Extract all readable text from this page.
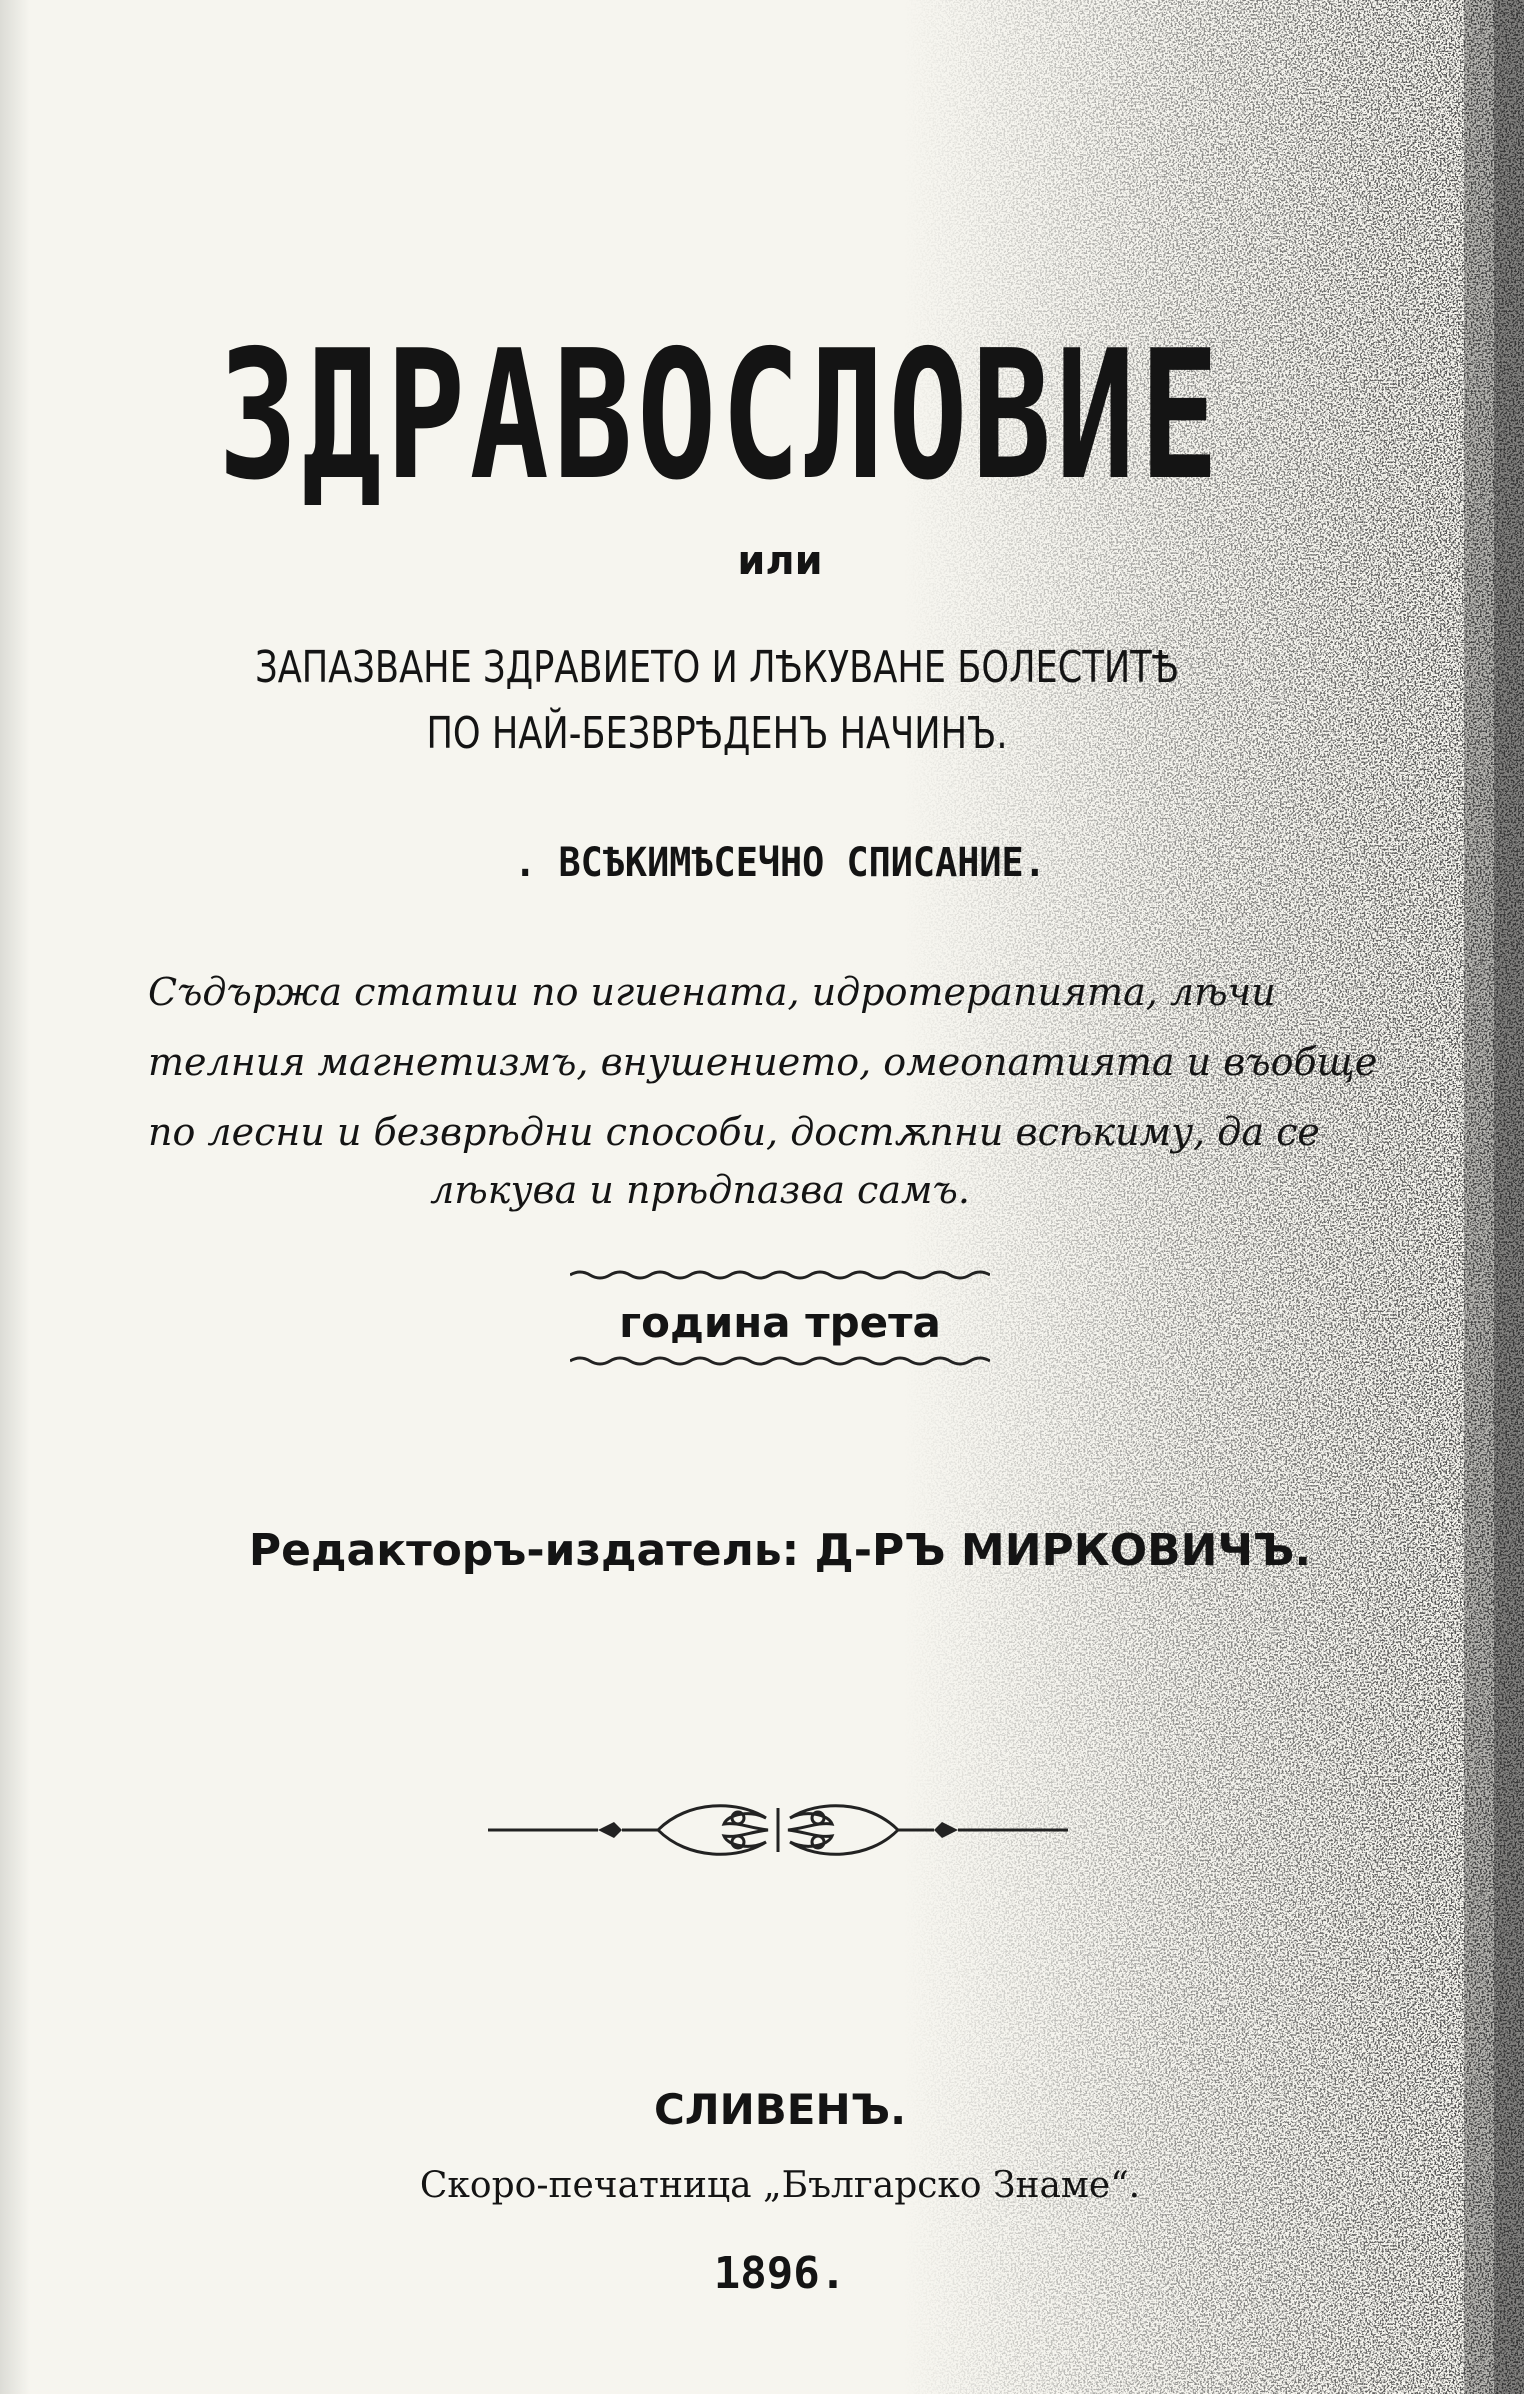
ЗДРАВОСЛОВИЕ
или
ЗАПАЗВАНЕ ЗДРАВИЕТО И ЛѢКУВАНЕ БОЛЕСТИТѢ
ПО НАЙ-БЕЗВРѢДЕНЪ НАЧИНЪ.
. ВСѢКИМѢСЕЧНО СПИСАНИЕ.
Съдържа статии по игиената, идротерапията, лѣчи
телния магнетизмъ, внушението, омеопатията и въобще
по лесни и безврѣдни способи, достѫпни всѣкиму, да се
лѣкува и прѣдпазва самъ.
година трета
Редакторъ-издатель: Д-РЪ МИРКОВИЧЪ.
СЛИВЕНЪ.
Скоро-печатница „Българско Знаме“.
1896.
